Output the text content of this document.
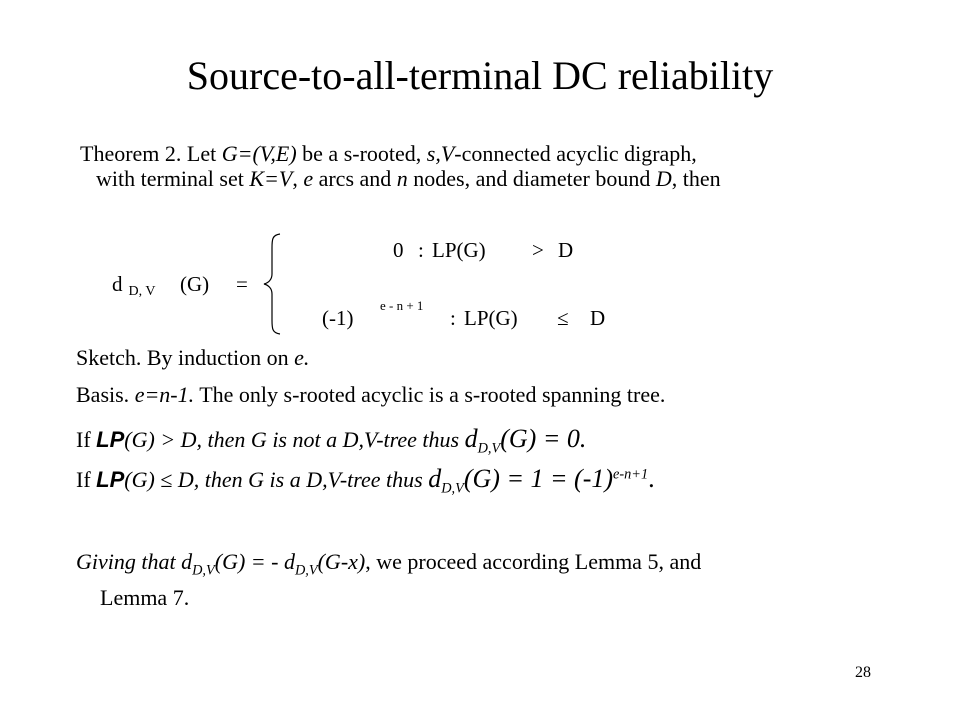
Source-to-all-terminal DC reliability
Theorem 2. Let G=(V,E) be a s-rooted, s,V-connected acyclic digraph,
with terminal set K=V, e arcs and n nodes, and diameter bound D, then
d D, V (G) =
0 : LP(G) > D
(-1)
e - n + 1
: LP(G) ≤ D
Sketch. By induction on e.
Basis. e=n-1. The only s-rooted acyclic is a s-rooted spanning tree.
If LP(G) > D, then G is not a D,V-tree thus $d_{D,V}(G) = 0$.
If LP(G) ≤ D, then G is a D,V-tree thus $d_{D,V}(G) = 1 = (-1)^{e-n+1}$.
Giving that $d_{D,V}(G)$ = - $d_{D,V}(G-x)$, we proceed according Lemma 5, and
Lemma 7.
28
